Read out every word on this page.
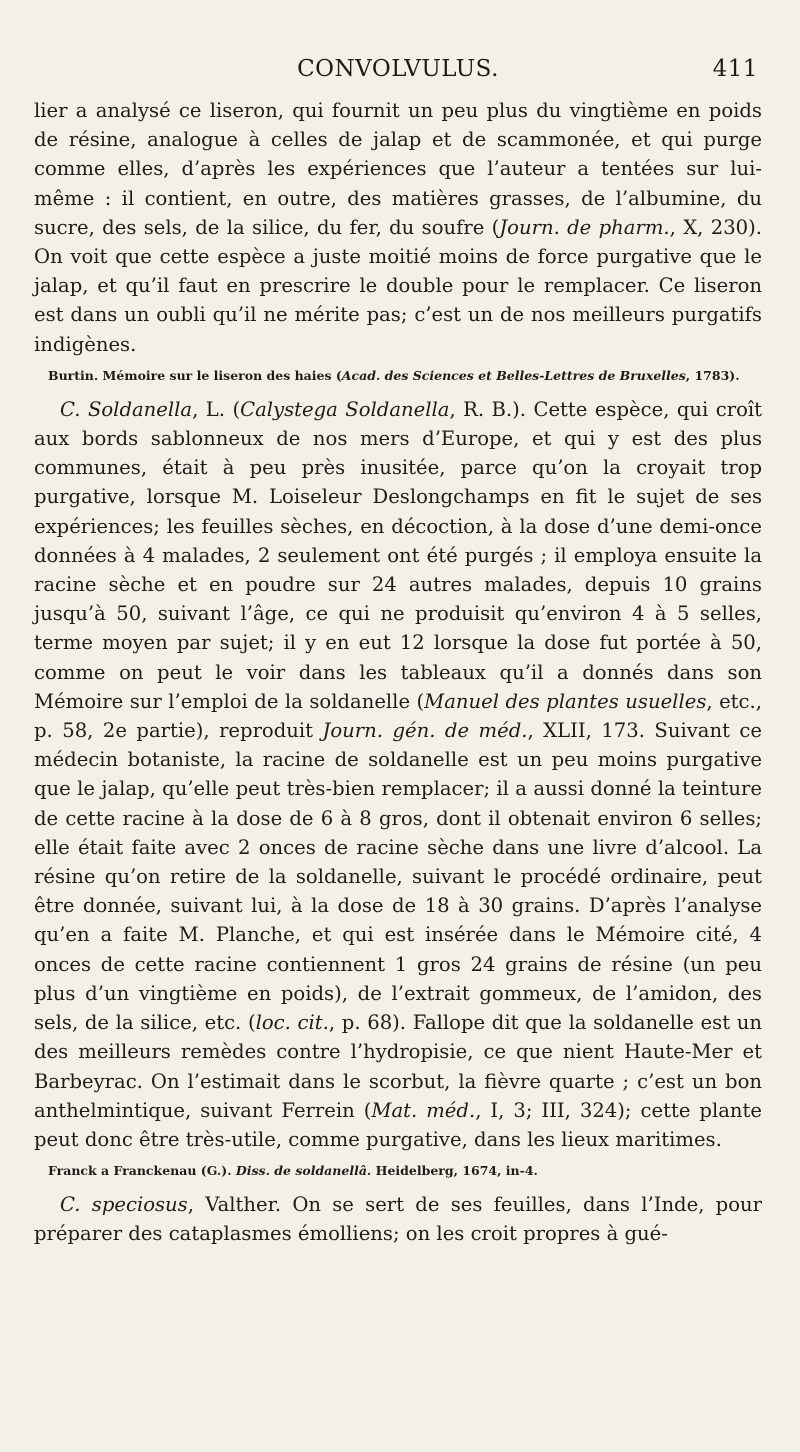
CONVOLVULUS.	411

lier a analysé ce liseron, qui fournit un peu plus du vingtième en poids de résine, analogue à celles de jalap et de scammonée, et qui purge comme elles, d’après les expériences que l’auteur a tentées sur lui-même : il contient, en outre, des matières grasses, de l’albumine, du sucre, des sels, de la silice, du fer, du soufre (Journ. de pharm., X, 230). On voit que cette espèce a juste moitié moins de force purgative que le jalap, et qu’il faut en prescrire le double pour le remplacer. Ce liseron est dans un oubli qu’il ne mérite pas; c’est un de nos meilleurs purgatifs indigènes.

Burtin. Mémoire sur le liseron des haies (Acad. des Sciences et Belles-Lettres de Bruxelles, 1783).

C. Soldanella, L. (Calystega Soldanella, R. B.). Cette espèce, qui croît aux bords sablonneux de nos mers d’Europe, et qui y est des plus communes, était à peu près inusitée, parce qu’on la croyait trop purgative, lorsque M. Loiseleur Deslongchamps en fit le sujet de ses expériences; les feuilles sèches, en décoction, à la dose d’une demi-once données à 4 malades, 2 seulement ont été purgés ; il employa ensuite la racine sèche et en poudre sur 24 autres malades, depuis 10 grains jusqu’à 50, suivant l’âge, ce qui ne produisit qu’environ 4 à 5 selles, terme moyen par sujet; il y en eut 12 lorsque la dose fut portée à 50, comme on peut le voir dans les tableaux qu’il a donnés dans son Mémoire sur l’emploi de la soldanelle (Manuel des plantes usuelles, etc., p. 58, 2e partie), reproduit Journ. gén. de méd., XLII, 173. Suivant ce médecin botaniste, la racine de soldanelle est un peu moins purgative que le jalap, qu’elle peut très-bien remplacer; il a aussi donné la teinture de cette racine à la dose de 6 à 8 gros, dont il obtenait environ 6 selles; elle était faite avec 2 onces de racine sèche dans une livre d’alcool. La résine qu’on retire de la soldanelle, suivant le procédé ordinaire, peut être donnée, suivant lui, à la dose de 18 à 30 grains. D’après l’analyse qu’en a faite M. Planche, et qui est insérée dans le Mémoire cité, 4 onces de cette racine contiennent 1 gros 24 grains de résine (un peu plus d’un vingtième en poids), de l’extrait gommeux, de l’amidon, des sels, de la silice, etc. (loc. cit., p. 68). Fallope dit que la soldanelle est un des meilleurs remèdes contre l’hydropisie, ce que nient Haute-Mer et Barbeyrac. On l’estimait dans le scorbut, la fièvre quarte ; c’est un bon anthelmintique, suivant Ferrein (Mat. méd., I, 3; III, 324); cette plante peut donc être très-utile, comme purgative, dans les lieux maritimes.

Franck a Franckenau (G.). Diss. de soldanellâ. Heidelberg, 1674, in-4.

C. speciosus, Valther. On se sert de ses feuilles, dans l’Inde, pour préparer des cataplasmes émolliens; on les croit propres à gué-
